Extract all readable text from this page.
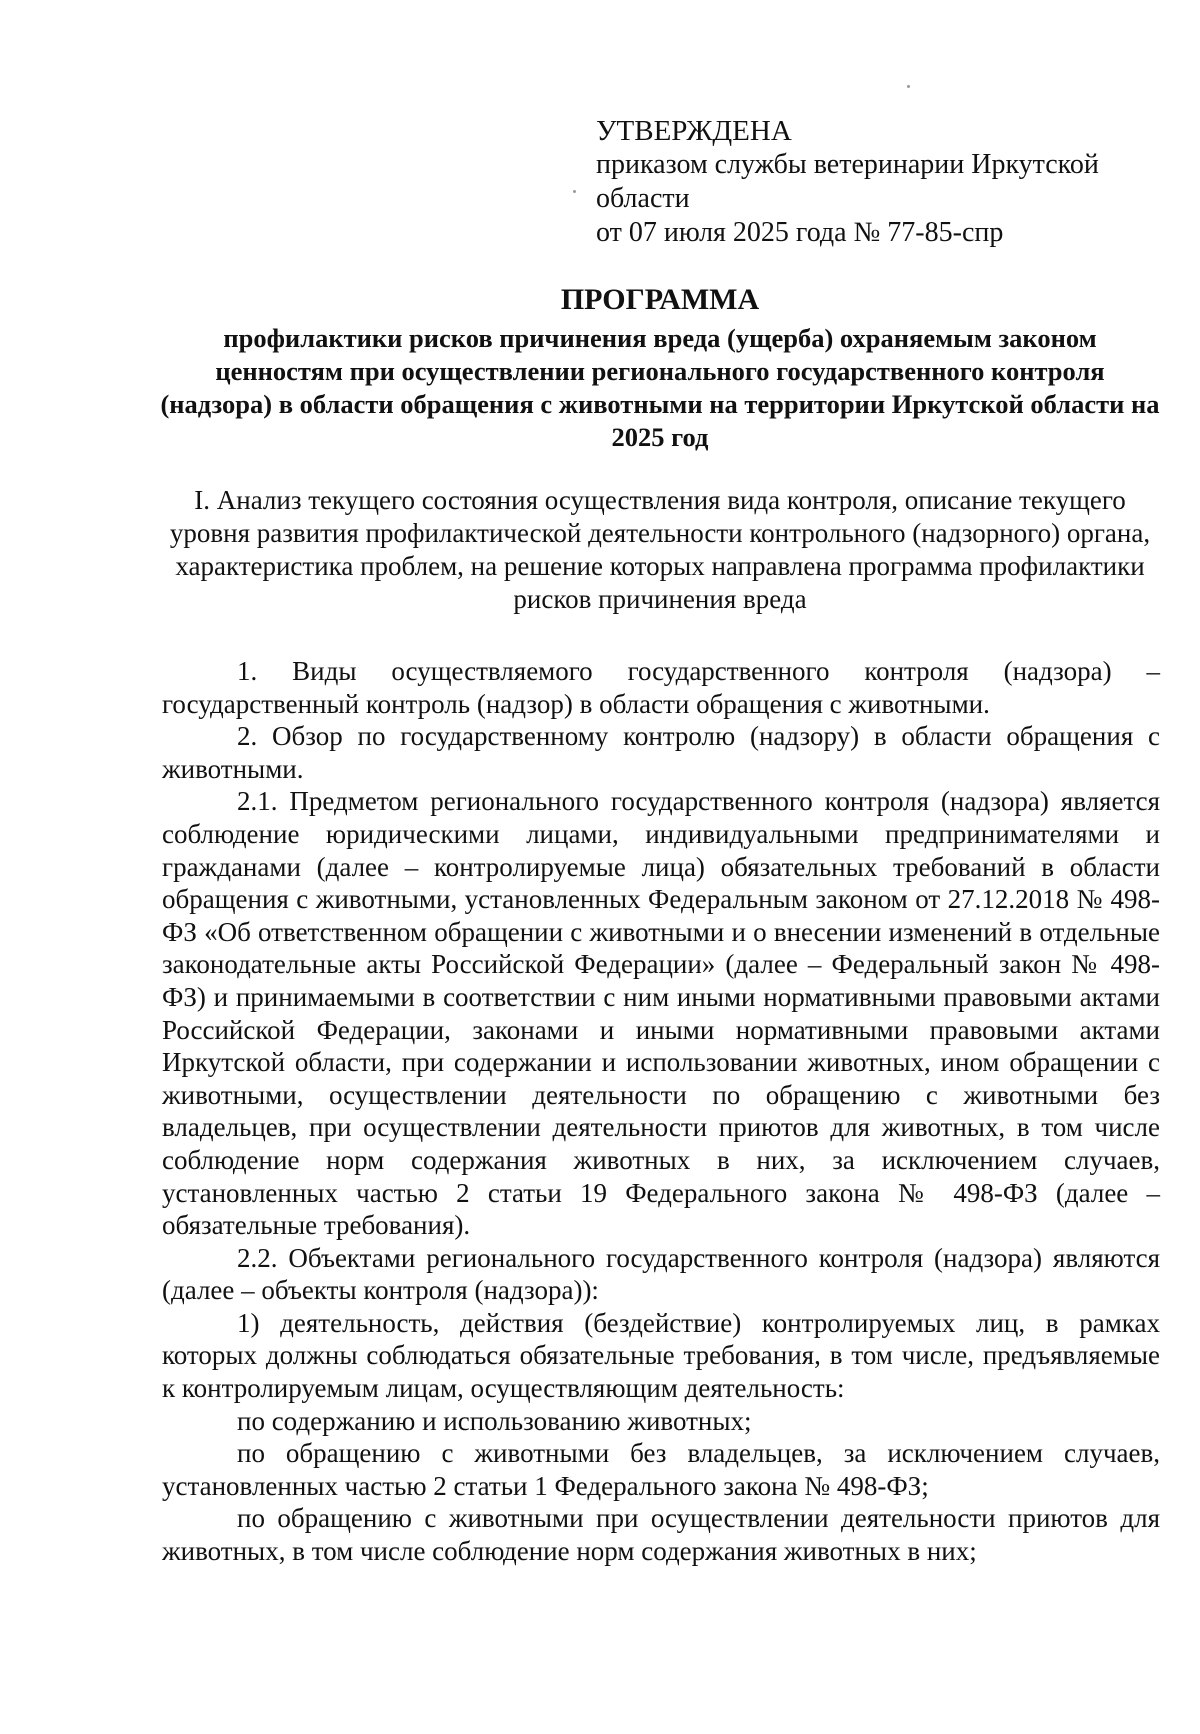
УТВЕРЖДЕНА
приказом службы ветеринарии Иркутской
области
от 07 июля 2025 года № 77-85-спр
ПРОГРАММА
профилактики рисков причинения вреда (ущерба) охраняемым законом ценностям при осуществлении регионального государственного контроля (надзора) в области обращения с животными на территории Иркутской области на 2025 год
I. Анализ текущего состояния осуществления вида контроля, описание текущего уровня развития профилактической деятельности контрольного (надзорного) органа, характеристика проблем, на решение которых направлена программа профилактики рисков причинения вреда

1. Виды осуществляемого государственного контроля (надзора) – государственный контроль (надзор) в области обращения с животными.

2. Обзор по государственному контролю (надзору) в области обращения с животными.

2.1. Предметом регионального государственного контроля (надзора) является соблюдение юридическими лицами, индивидуальными предпринимателями и гражданами (далее – контролируемые лица) обязательных требований в области обращения с животными, установленных Федеральным законом от 27.12.2018 № 498-ФЗ «Об ответственном обращении с животными и о внесении изменений в отдельные законодательные акты Российской Федерации» (далее – Федеральный закон № 498-ФЗ) и принимаемыми в соответствии с ним иными нормативными правовыми актами Российской Федерации, законами и иными нормативными правовыми актами Иркутской области, при содержании и использовании животных, ином обращении с животными, осуществлении деятельности по обращению с животными без владельцев, при осуществлении деятельности приютов для животных, в том числе соблюдение норм содержания животных в них, за исключением случаев, установленных частью 2 статьи 19 Федерального закона № 498-ФЗ (далее – обязательные требования).

2.2. Объектами регионального государственного контроля (надзора) являются (далее – объекты контроля (надзора)):

1) деятельность, действия (бездействие) контролируемых лиц, в рамках которых должны соблюдаться обязательные требования, в том числе, предъявляемые к контролируемым лицам, осуществляющим деятельность:

по содержанию и использованию животных;

по обращению с животными без владельцев, за исключением случаев, установленных частью 2 статьи 1 Федерального закона № 498-ФЗ;

по обращению с животными при осуществлении деятельности приютов для животных, в том числе соблюдение норм содержания животных в них;
